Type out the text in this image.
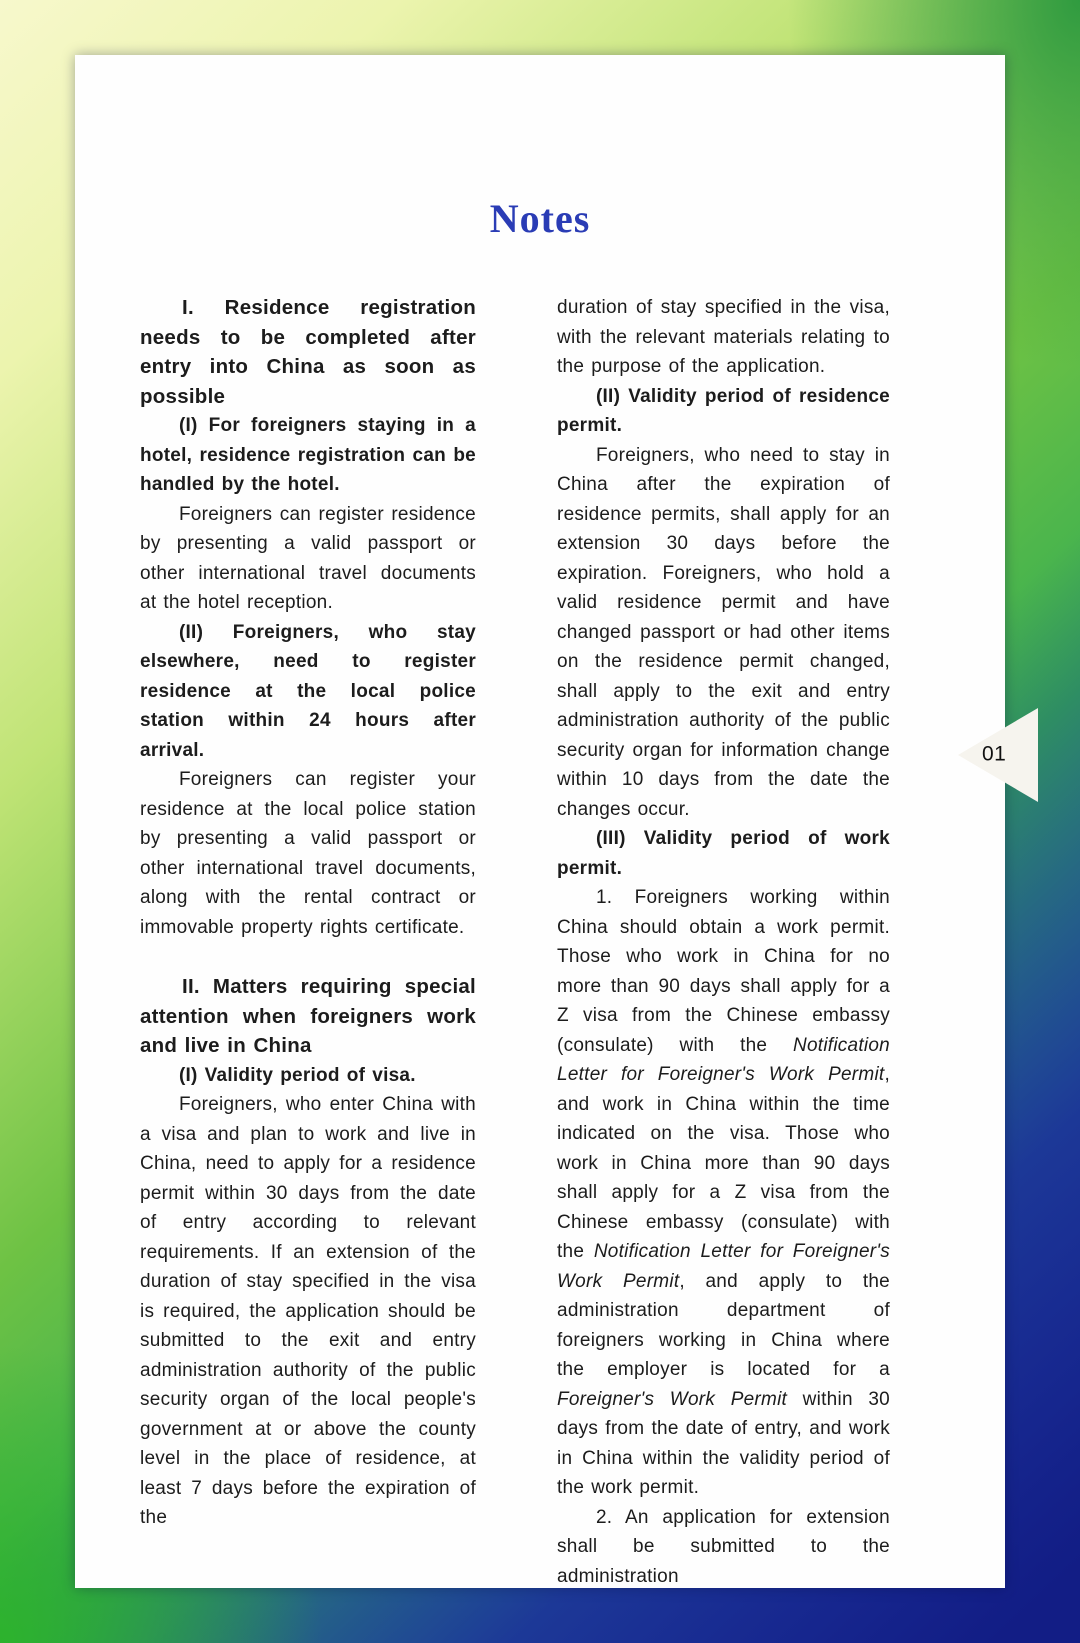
Notes

I. Residence registration needs to be completed after entry into China as soon as possible

(I) For foreigners staying in a hotel, residence registration can be handled by the hotel.

Foreigners can register residence by presenting a valid passport or other international travel documents at the hotel reception.

(II) Foreigners, who stay elsewhere, need to register residence at the local police station within 24 hours after arrival.

Foreigners can register your residence at the local police station by presenting a valid passport or other international travel documents, along with the rental contract or immovable property rights certificate.

II. Matters requiring special attention when foreigners work and live in China

(I) Validity period of visa.

Foreigners, who enter China with a visa and plan to work and live in China, need to apply for a residence permit within 30 days from the date of entry according to relevant requirements. If an extension of the duration of stay specified in the visa is required, the application should be submitted to the exit and entry administration authority of the public security organ of the local people's government at or above the county level in the place of residence, at least 7 days before the expiration of the

duration of stay specified in the visa, with the relevant materials relating to the purpose of the application.

(II) Validity period of residence permit.

Foreigners, who need to stay in China after the expiration of residence permits, shall apply for an extension 30 days before the expiration. Foreigners, who hold a valid residence permit and have changed passport or had other items on the residence permit changed, shall apply to the exit and entry administration authority of the public security organ for information change within 10 days from the date the changes occur.

(III) Validity period of work permit.

1. Foreigners working within China should obtain a work permit. Those who work in China for no more than 90 days shall apply for a Z visa from the Chinese embassy (consulate) with the Notification Letter for Foreigner's Work Permit, and work in China within the time indicated on the visa. Those who work in China more than 90 days shall apply for a Z visa from the Chinese embassy (consulate) with the Notification Letter for Foreigner's Work Permit, and apply to the administration department of foreigners working in China where the employer is located for a Foreigner's Work Permit within 30 days from the date of entry, and work in China within the validity period of the work permit.

2. An application for extension shall be submitted to the administration

01
